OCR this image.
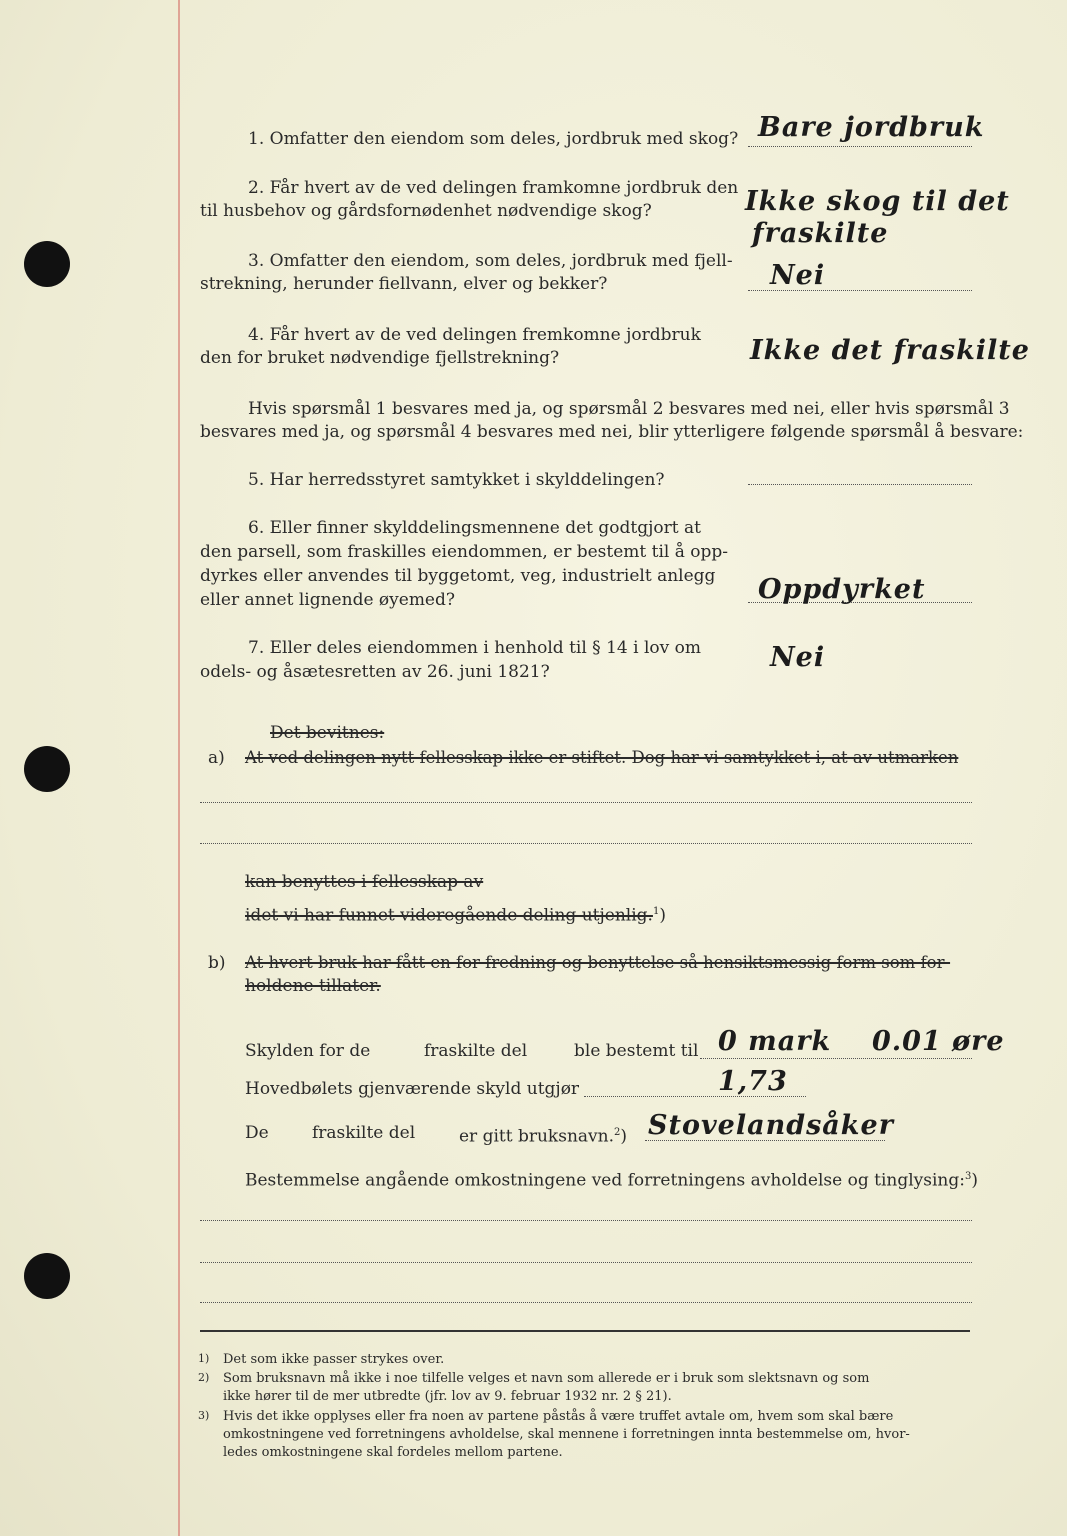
1. Omfatter den eiendom som deles, jordbruk med skog? Bare jordbruk
2. Får hvert av de ved delingen framkomne jordbruk den
til husbehov og gårdsfornødenhet nødvendige skog?	Ikke skog til det
fraskilte
3. Omfatter den eiendom, som deles, jordbruk med fjell-
strekning, herunder fiellvann, elver og bekker?	Nei
4. Får hvert av de ved delingen fremkomne jordbruk
den for bruket nødvendige fjellstrekning?	Ikke det fraskilte
Hvis spørsmål 1 besvares med ja, og spørsmål 2 besvares med nei, eller hvis spørsmål 3
besvares med ja, og spørsmål 4 besvares med nei, blir ytterligere følgende spørsmål å besvare:
5. Har herredsstyret samtykket i skylddelingen?
6. Eller finner skylddelingsmennene det godtgjort at
den parsell, som fraskilles eiendommen, er bestemt til å opp-
dyrkes eller anvendes til byggetomt, veg, industrielt anlegg
eller annet lignende øyemed?	Oppdyrket
7. Eller deles eiendommen i henhold til § 14 i lov om
odels- og åsætesretten av 26. juni 1821?	Nei
Det bevitnes:
a) At ved delingen nytt fellesskap ikke er stiftet. Dog har vi samtykket i, at av utmarken
kan benyttes i fellesskap av
idet vi har funnet videregående deling utjenlig.$^1$)
b) At hvert bruk har fått en for fredning og benyttelse så hensiktsmessig form som for-
holdene tillater.
Skylden for de	fraskilte del	ble bestemt til 0 mark 0.01 øre
Hovedbølets gjenværende skyld utgjør	1,73
De	fraskilte del	er gitt bruksnavn.$^2$) Stovelandsåker
Bestemmelse angående omkostningene ved forretningens avholdelse og tinglysing:$^3$)
1) Det som ikke passer strykes over.
2) Som bruksnavn må ikke i noe tilfelle velges et navn som allerede er i bruk som slektsnavn og som
ikke hører til de mer utbredte (jfr. lov av 9. februar 1932 nr. 2 § 21).
3) Hvis det ikke opplyses eller fra noen av partene påstås å være truffet avtale om, hvem som skal bære
omkostningene ved forretningens avholdelse, skal mennene i forretningen innta bestemmelse om, hvor-
ledes omkostningene skal fordeles mellom partene.
